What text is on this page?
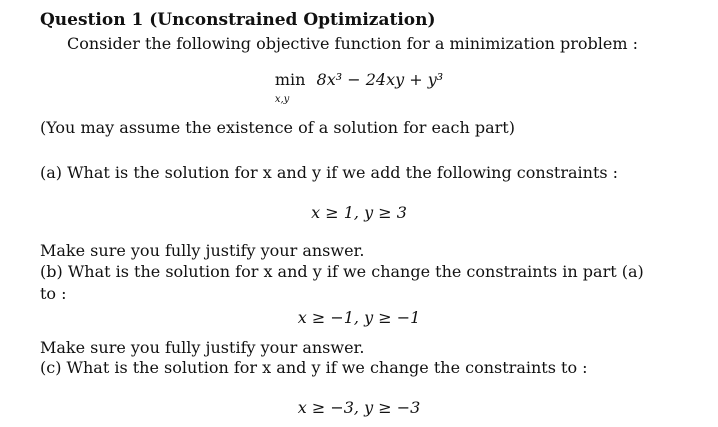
Question 1 (Unconstrained Optimization)
Consider the following objective function for a minimization problem :
min
x,y
8x³ − 24xy + y³
(You may assume the existence of a solution for each part)
(a) What is the solution for x and y if we add the following constraints :
x ≥ 1, y ≥ 3
Make sure you fully justify your answer.
(b) What is the solution for x and y if we change the constraints in part (a)
to :
x ≥ −1, y ≥ −1
Make sure you fully justify your answer.
(c) What is the solution for x and y if we change the constraints to :
x ≥ −3, y ≥ −3
